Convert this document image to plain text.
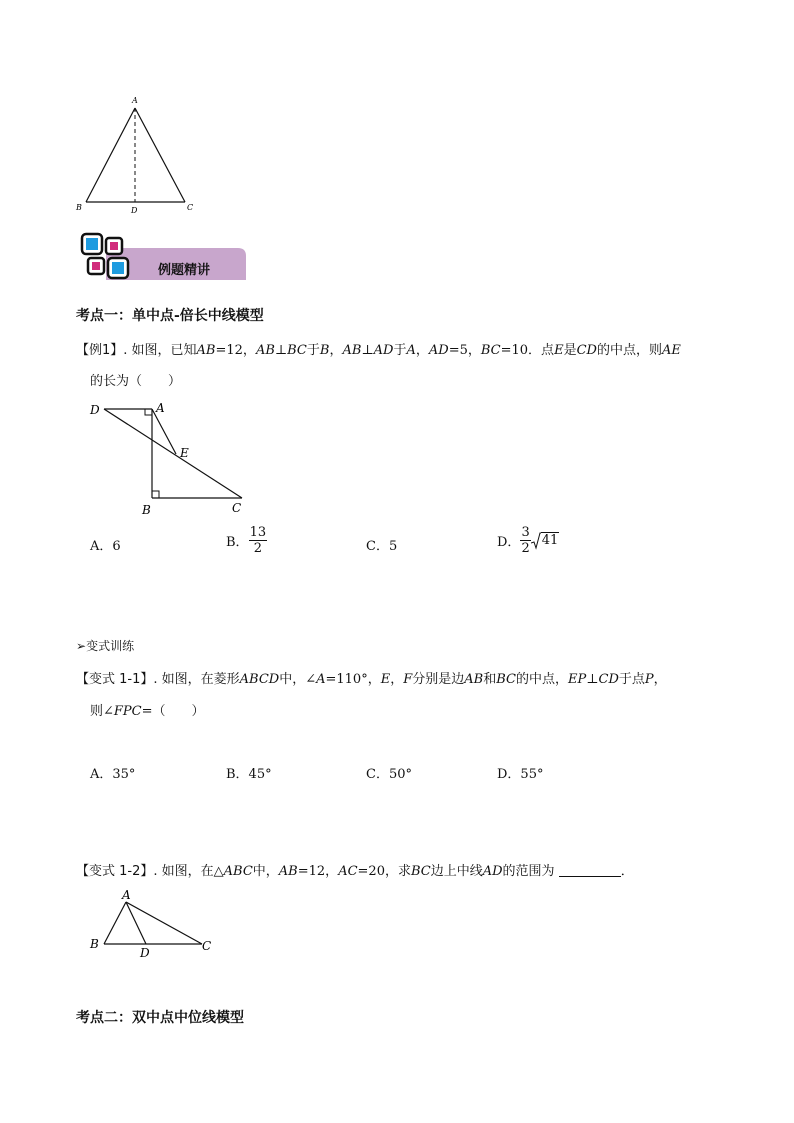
A
B	D	C
例题精讲
考点一：单中点-倍长中线模型
【例1】. 如图，已知AB=12，AB⊥BC于B，AB⊥AD于A，AD=5，BC=10．点E是CD的中点，则AE
的长为（　　）
D	A
E
B	C
A．6	B． $\frac{13}{2}$	C．5	D． $\frac{3}{2} 41$
➢变式训练
【变式 1-1】. 如图，在菱形ABCD中，∠A=110°，E，F分别是边AB和BC的中点，EP⊥CD于点P，
则∠FPC=（　　）
A．35°	B．45°	C．50°	D．55°
【变式 1-2】. 如图，在△ABC中，AB=12，AC=20，求BC边上中线AD的范围为	．
A
B
D	C
考点二：双中点中位线模型
